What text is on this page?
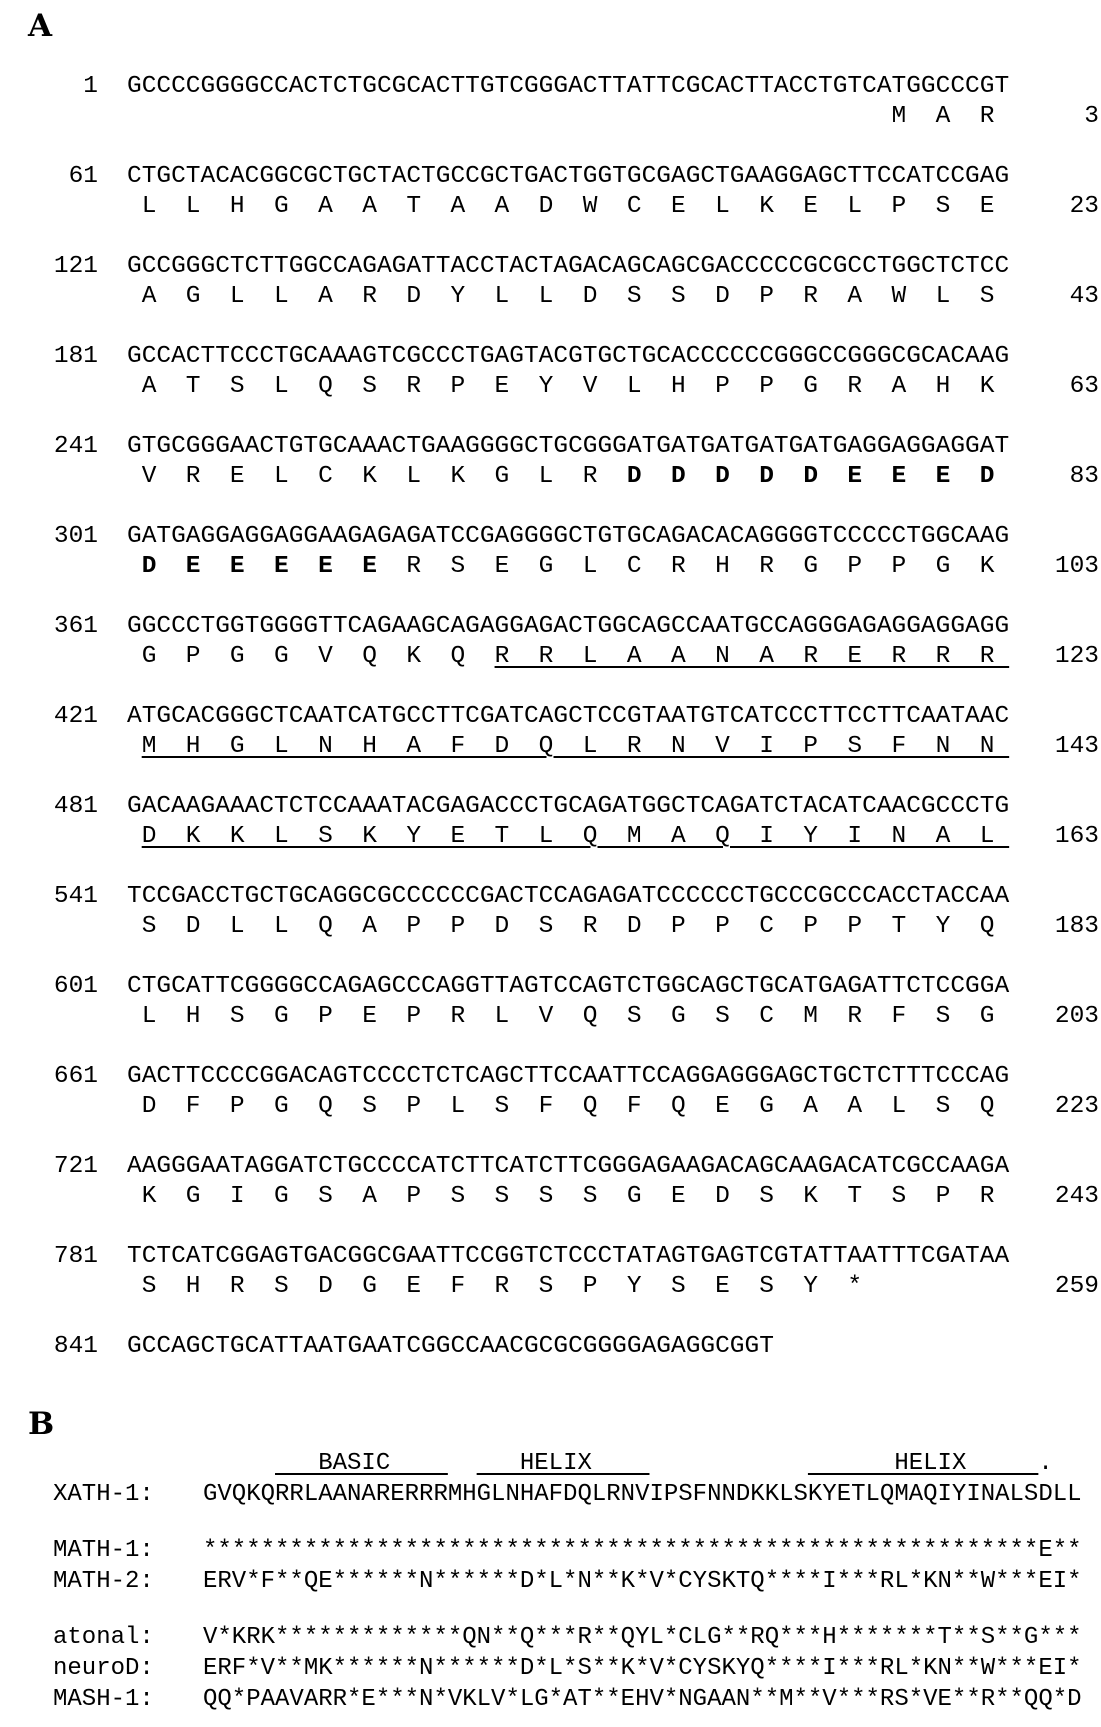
A
1 GCCCCGGGGCCACTCTGCGCACTTGTCGGGACTTATTCGCACTTACCTGTCATGGCCCGT
M  A  R	3
61 CTGCTACACGGCGCTGCTACTGCCGCTGACTGGTGCGAGCTGAAGGAGCTTCCATCCGAG
L  L  H  G  A  A  T  A  A  D  W  C  E  L  K  E  L  P  S  E	23
121 GCCGGGCTCTTGGCCAGAGATTACCTACTAGACAGCAGCGACCCCCGCGCCTGGCTCTCC
A  G  L  L  A  R  D  Y  L  L  D  S  S  D  P  R  A  W  L  S	43
181 GCCACTTCCCTGCAAAGTCGCCCTGAGTACGTGCTGCACCCCCCGGGCCGGGCGCACAAG
A  T  S  L  Q  S  R  P  E  Y  V  L  H  P  P  G  R  A  H  K	63
241 GTGCGGGAACTGTGCAAACTGAAGGGGCTGCGGGATGATGATGATGATGAGGAGGAGGAT
V  R  E  L  C  K  L  K  G  L  R  D  D  D  D  D  E  E  E  D	83
301 GATGAGGAGGAGGAAGAGAGATCCGAGGGGCTGTGCAGACACAGGGGTCCCCCTGGCAAG
D  E  E  E  E  E  R  S  E  G  L  C  R  H  R  G  P  P  G  K	103
361 GGCCCTGGTGGGGTTCAGAAGCAGAGGAGACTGGCAGCCAATGCCAGGGAGAGGAGGAGG
G  P  G  G  V  Q  K  Q  R  R  L  A  A  N  A  R  E  R  R  R 123
421 ATGCACGGGCTCAATCATGCCTTCGATCAGCTCCGTAATGTCATCCCTTCCTTCAATAAC
M  H  G  L  N  H  A  F  D  Q  L  R  N  V  I  P  S  F  N  N 143
481 GACAAGAAACTCTCCAAATACGAGACCCTGCAGATGGCTCAGATCTACATCAACGCCCTG
D  K  K  L  S  K  Y  E  T  L  Q  M  A  Q  I  Y  I  N  A  L 163
541 TCCGACCTGCTGCAGGCGCCCCCCGACTCCAGAGATCCCCCCTGCCCGCCCACCTACCAA
S  D  L  L  Q  A  P  P  D  S  R  D  P  P  C  P  P  T  Y  Q	183
601 CTGCATTCGGGGCCAGAGCCCAGGTTAGTCCAGTCTGGCAGCTGCATGAGATTCTCCGGA
L  H  S  G  P  E  P  R  L  V  Q  S  G  S  C  M  R  F  S  G	203
661 GACTTCCCCGGACAGTCCCCTCTCAGCTTCCAATTCCAGGAGGGAGCTGCTCTTTCCCAG
D  F  P  G  Q  S  P  L  S  F  Q  F  Q  E  G  A  A  L  S  Q	223
721 AAGGGAATAGGATCTGCCCCATCTTCATCTTCGGGAGAAGACAGCAAGACATCGCCAAGA
K  G  I  G  S  A  P  S  S  S  S  G  E  D  S  K  T  S  P  R	243
781 TCTCATCGGAGTGACGGCGAATTCCGGTCTCCCTATAGTGAGTCGTATTAATTTCGATAA
S  H  R  S  D  G  E  F  R  S  P  Y  S  E  S  Y  *	259
841 GCCAGCTGCATTAATGAATCGGCCAACGCGCGGGGAGAGGCGGT
B
BASIC         HELIX	HELIX     .
XATH-1:	GVQKQRRLAANARERRRMHGLNHAFDQLRNVIPSFNNDKKLSKYETLQMAQIYINALSDLL
MATH-1:	**********************************************************E**
MATH-2:	ERV*F**QE******N******D*L*N**K*V*CYSKTQ****I***RL*KN**W***EI*
atonal:	V*KRK*************QN**Q***R**QYL*CLG**RQ***H*******T**S**G***
neuroD:	ERF*V**MK******N******D*L*S**K*V*CYSKYQ****I***RL*KN**W***EI*
MASH-1:	QQ*PAAVARR*E***N*VKLV*LG*AT**EHV*NGAAN**M**V***RS*VE**R**QQ*D
